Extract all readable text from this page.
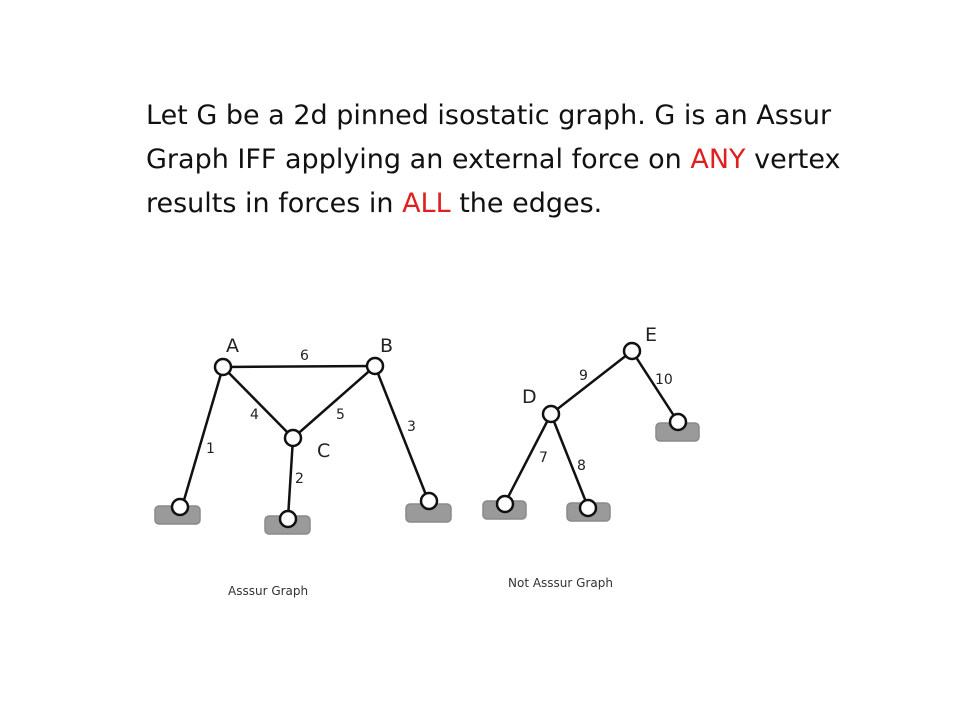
Let G be a 2d pinned isostatic graph. G is an Assur Graph IFF applying an external force on ANY vertex results in forces in ALL the edges.

A	B
C
1
2
3
4	5
6
Asssur Graph
D
E
7 8
9	10
Not Asssur Graph
